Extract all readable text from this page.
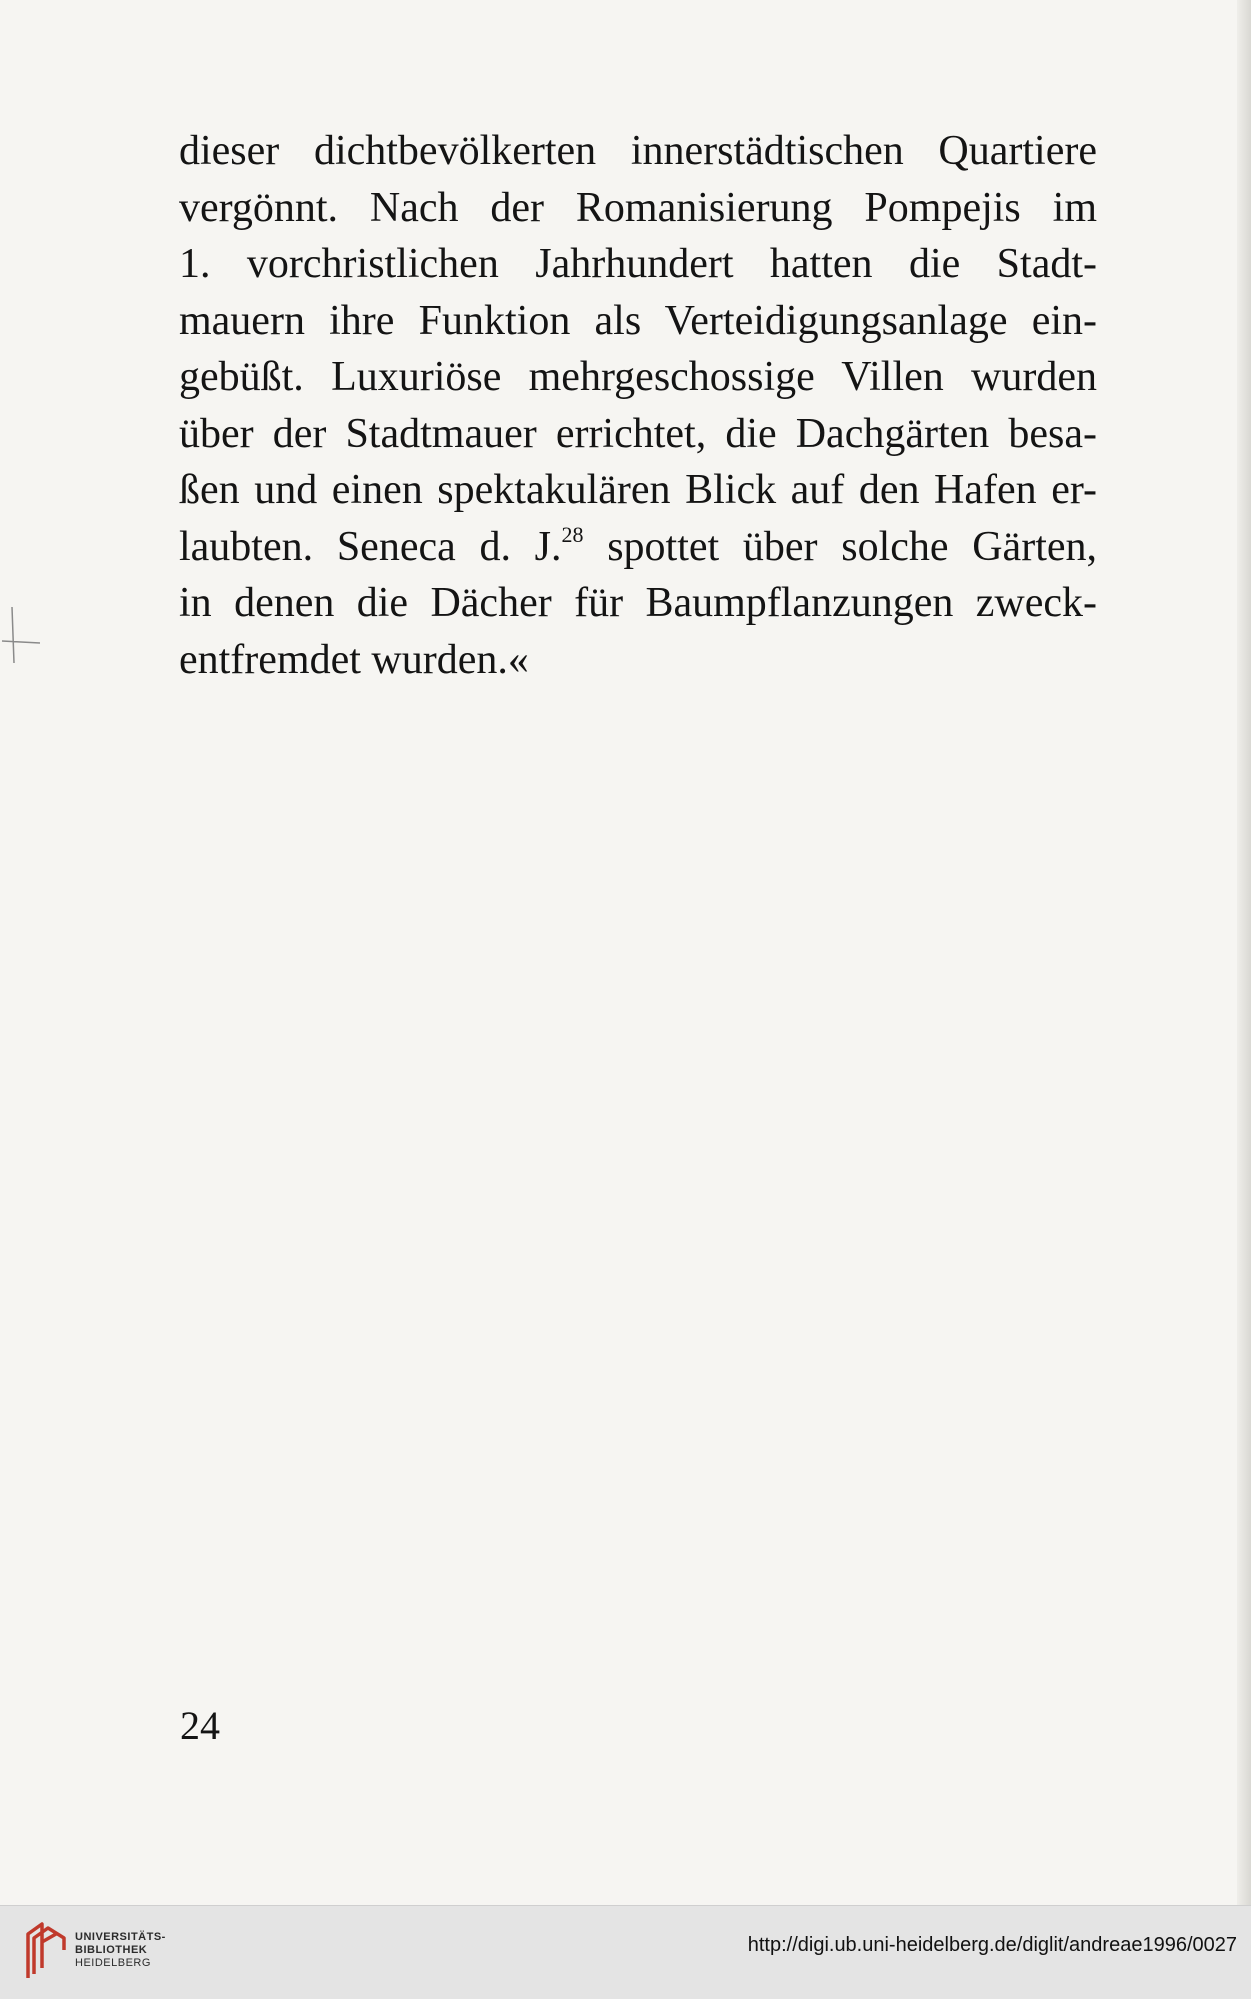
dieser dichtbevölkerten innerstädtischen Quartiere
vergönnt. Nach der Romanisierung Pompejis im
1. vorchristlichen Jahrhundert hatten die Stadt-
mauern ihre Funktion als Verteidigungsanlage ein-
gebüßt. Luxuriöse mehrgeschossige Villen wurden
über der Stadtmauer errichtet, die Dachgärten besa-
ßen und einen spektakulären Blick auf den Hafen er-
laubten. Seneca d. J.$^{28}$ spottet über solche Gärten,
in denen die Dächer für Baumpflanzungen zweck-
entfremdet wurden.«
24
UNIVERSITÄTS-
BIBLIOTHEK
HEIDELBERG
http://digi.ub.uni-heidelberg.de/diglit/andreae1996/0027
